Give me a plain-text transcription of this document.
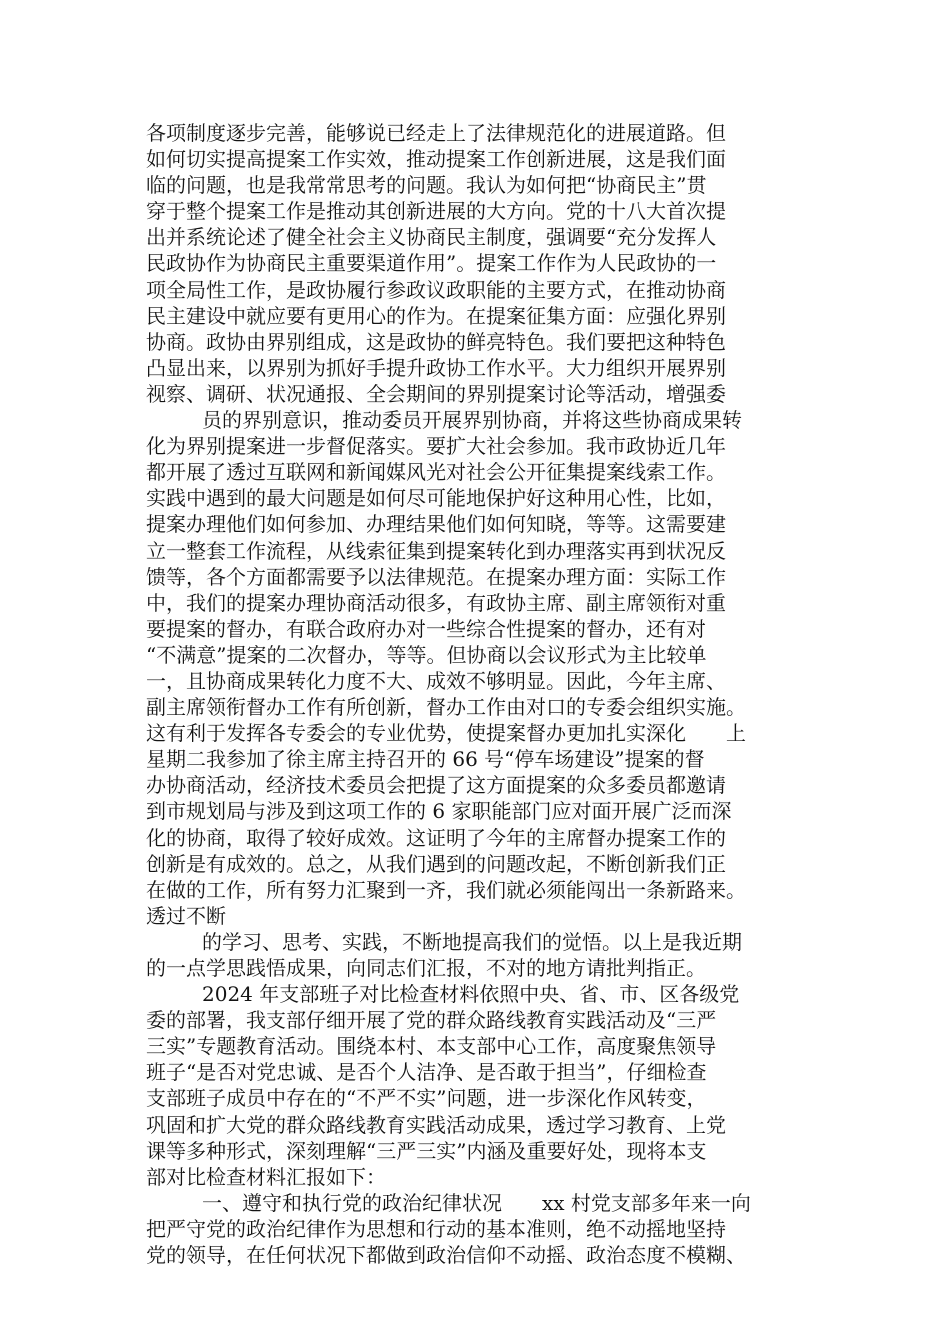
各项制度逐步完善，能够说已经走上了法律规范化的进展道路。但
如何切实提高提案工作实效，推动提案工作创新进展，这是我们面
临的问题，也是我常常思考的问题。我认为如何把“协商民主”贯
穿于整个提案工作是推动其创新进展的大方向。党的十八大首次提
出并系统论述了健全社会主义协商民主制度，强调要“充分发挥人
民政协作为协商民主重要渠道作用”。提案工作作为人民政协的一
项全局性工作，是政协履行参政议政职能的主要方式，在推动协商
民主建设中就应要有更用心的作为。在提案征集方面：应强化界别
协商。政协由界别组成，这是政协的鲜亮特色。我们要把这种特色
凸显出来，以界别为抓好手提升政协工作水平。大力组织开展界别
视察、调研、状况通报、全会期间的界别提案讨论等活动，增强委
员的界别意识，推动委员开展界别协商，并将这些协商成果转
化为界别提案进一步督促落实。要扩大社会参加。我市政协近几年
都开展了透过互联网和新闻媒风光对社会公开征集提案线索工作。
实践中遇到的最大问题是如何尽可能地保护好这种用心性，比如，
提案办理他们如何参加、办理结果他们如何知晓，等等。这需要建
立一整套工作流程，从线索征集到提案转化到办理落实再到状况反
馈等，各个方面都需要予以法律规范。在提案办理方面：实际工作
中，我们的提案办理协商活动很多，有政协主席、副主席领衔对重
要提案的督办，有联合政府办对一些综合性提案的督办，还有对
“不满意”提案的二次督办，等等。但协商以会议形式为主比较单
一，且协商成果转化力度不大、成效不够明显。因此，今年主席、
副主席领衔督办工作有所创新，督办工作由对口的专委会组织实施。
这有利于发挥各专委会的专业优势，使提案督办更加扎实深化　　上
星期二我参加了徐主席主持召开的 66 号“停车场建设”提案的督
办协商活动，经济技术委员会把提了这方面提案的众多委员都邀请
到市规划局与涉及到这项工作的 6 家职能部门应对面开展广泛而深
化的协商，取得了较好成效。这证明了今年的主席督办提案工作的
创新是有成效的。总之，从我们遇到的问题改起，不断创新我们正
在做的工作，所有努力汇聚到一齐，我们就必须能闯出一条新路来。
透过不断
的学习、思考、实践，不断地提高我们的觉悟。以上是我近期
的一点学思践悟成果，向同志们汇报，不对的地方请批判指正。
2024 年支部班子对比检查材料依照中央、省、市、区各级党
委的部署，我支部仔细开展了党的群众路线教育实践活动及“三严
三实”专题教育活动。围绕本村、本支部中心工作，高度聚焦领导
班子“是否对党忠诚、是否个人洁净、是否敢于担当”，仔细检查
支部班子成员中存在的“不严不实”问题，进一步深化作风转变，
巩固和扩大党的群众路线教育实践活动成果，透过学习教育、上党
课等多种形式，深刻理解“三严三实”内涵及重要好处，现将本支
部对比检查材料汇报如下：
一、遵守和执行党的政治纪律状况　　xx 村党支部多年来一向
把严守党的政治纪律作为思想和行动的基本准则，绝不动摇地坚持
党的领导，在任何状况下都做到政治信仰不动摇、政治态度不模糊、
